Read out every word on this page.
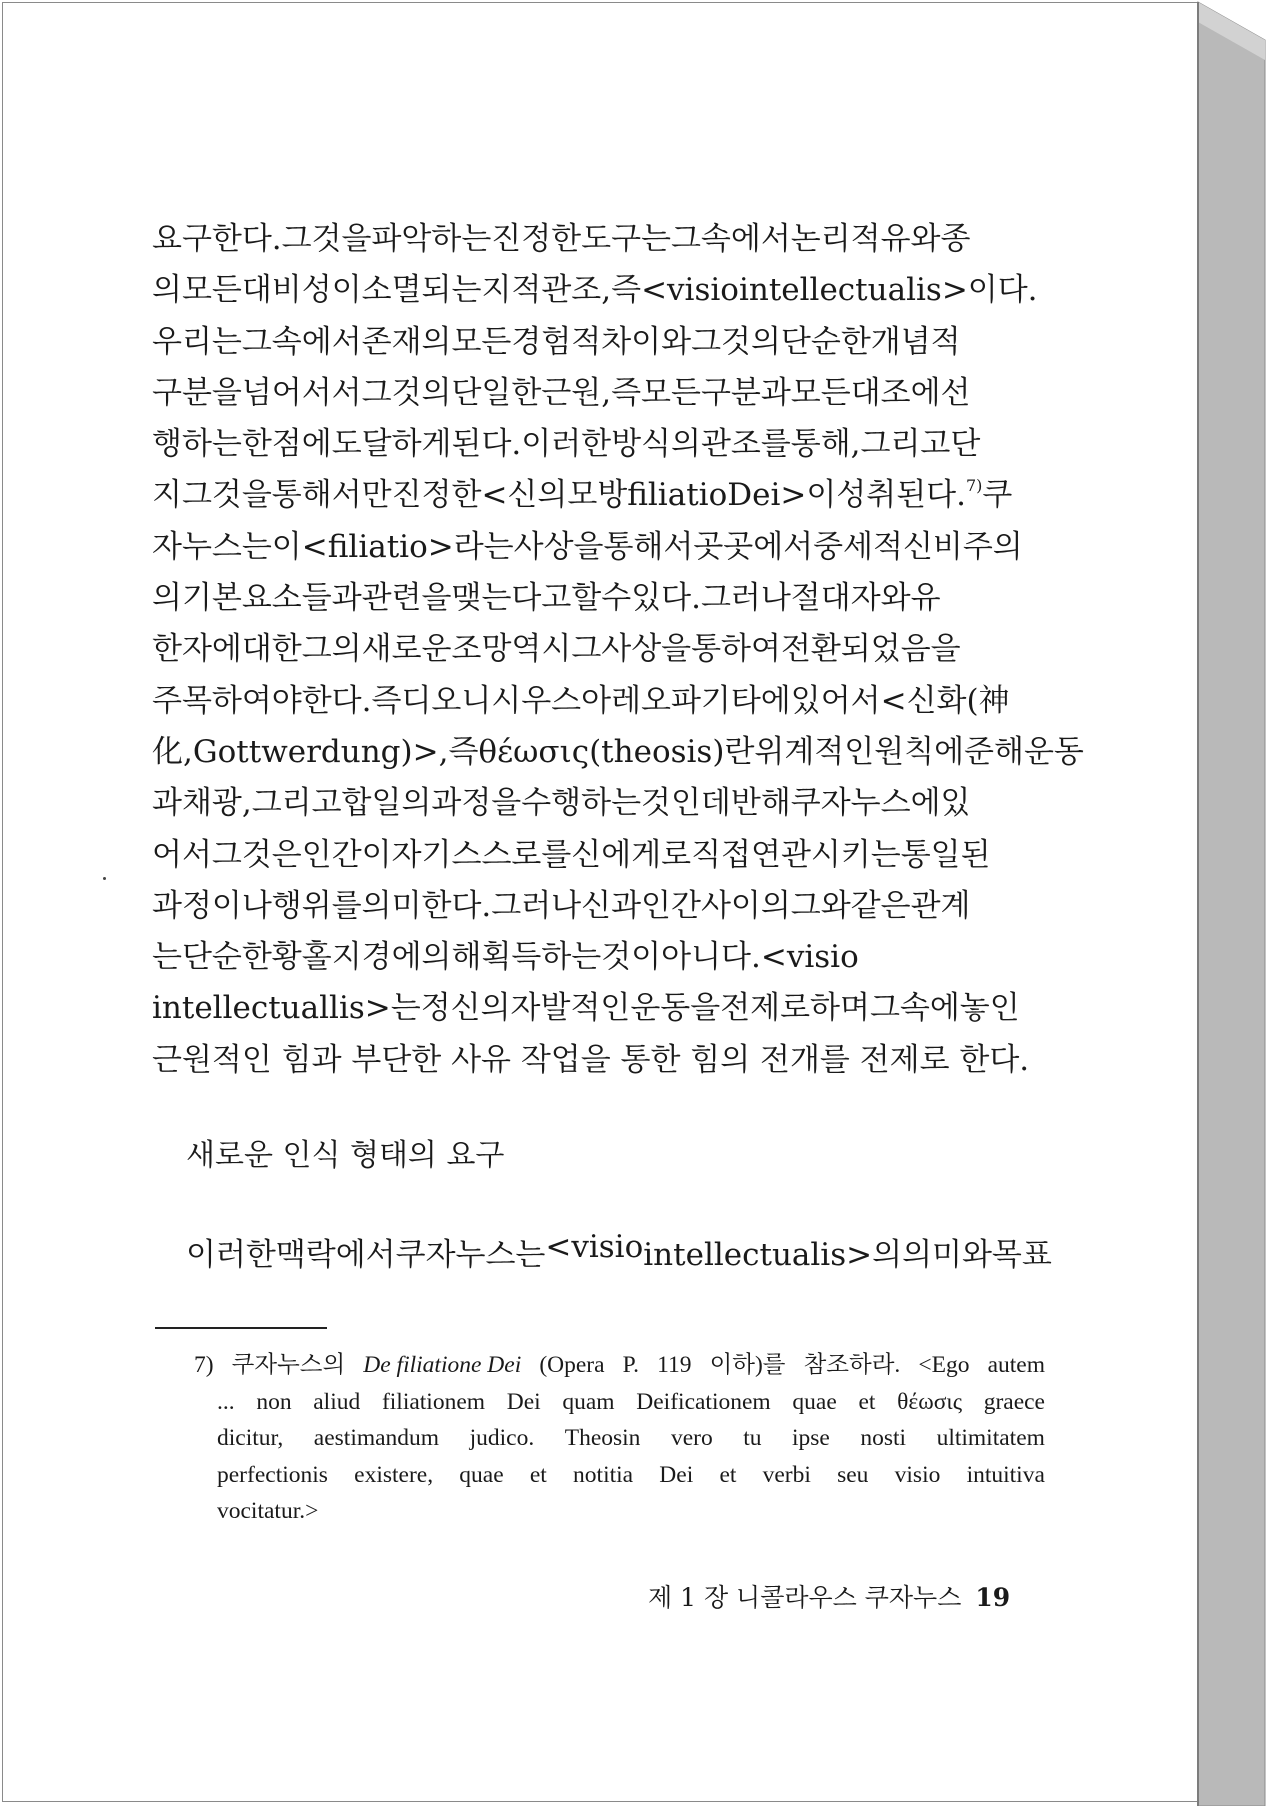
요구한다.그것을파악하는진정한도구는그속에서논리적유와종
의모든대비성이소멸되는지적관조,즉<visiointellectualis>이다.
우리는그속에서존재의모든경험적차이와그것의단순한개념적
구분을넘어서서그것의단일한근원,즉모든구분과모든대조에선
행하는한점에도달하게된다.이러한방식의관조를통해,그리고단
지그것을통해서만진정한<신의모방filiatioDei>이성취된다.$^{7)}$쿠
자누스는이<filiatio>라는사상을통해서곳곳에서중세적신비주의
의기본요소들과관련을맺는다고할수있다.그러나절대자와유
한자에대한그의새로운조망역시그사상을통하여전환되었음을
주목하여야한다.즉디오니시우스아레오파기타에있어서<신화(神
化,Gottwerdung)>,즉θέωσις(theosis)란위계적인원칙에준해운동
과채광,그리고합일의과정을수행하는것인데반해쿠자누스에있
어서그것은인간이자기스스로를신에게로직접연관시키는통일된
과정이나행위를의미한다.그러나신과인간사이의그와같은관계
는단순한황홀지경에의해획득하는것이아니다.<visio
intellectuallis>는정신의자발적인운동을전제로하며그속에놓인
근원적인 힘과 부단한 사유 작업을 통한 힘의 전개를 전제로 한다.
새로운 인식 형태의 요구
이러한 맥락에서 쿠자누스는 <visio intellectualis>의 의미와 목표
7) 쿠자누스의 De filiatione Dei (Opera P. 119 이하)를 참조하라. <Ego autem
... non aliud filiationem Dei quam Deificationem quae et θέωσις graece
dicitur, aestimandum judico. Theosin vero tu ipse nosti ultimitatem
perfectionis existere, quae et notitia Dei et verbi seu visio intuitiva
vocitatur.>
제 1 장 니콜라우스 쿠자누스 19
